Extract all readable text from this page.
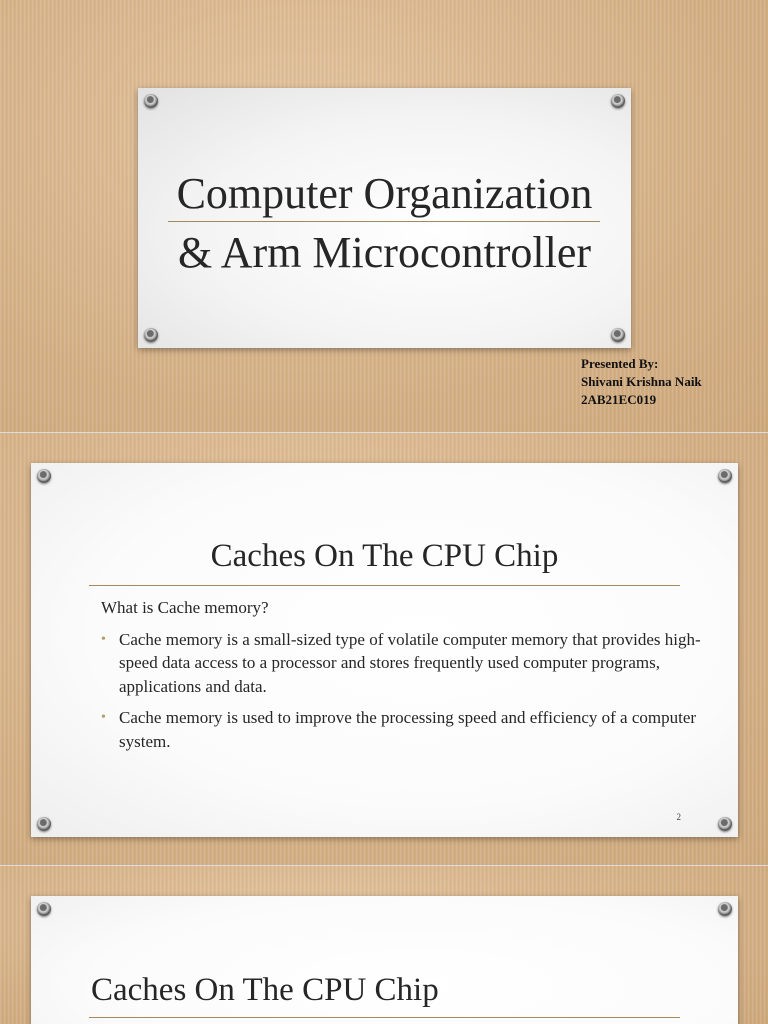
Computer Organization
& Arm Microcontroller
Presented By:
Shivani Krishna Naik
2AB21EC019
Caches On The CPU Chip

What is Cache memory?

• Cache memory is a small-sized type of volatile computer memory that provides high-speed data access to a processor and stores frequently used computer programs, applications and data.
• Cache memory is used to improve the processing speed and efficiency of a computer system.
2
Caches On The CPU Chip
